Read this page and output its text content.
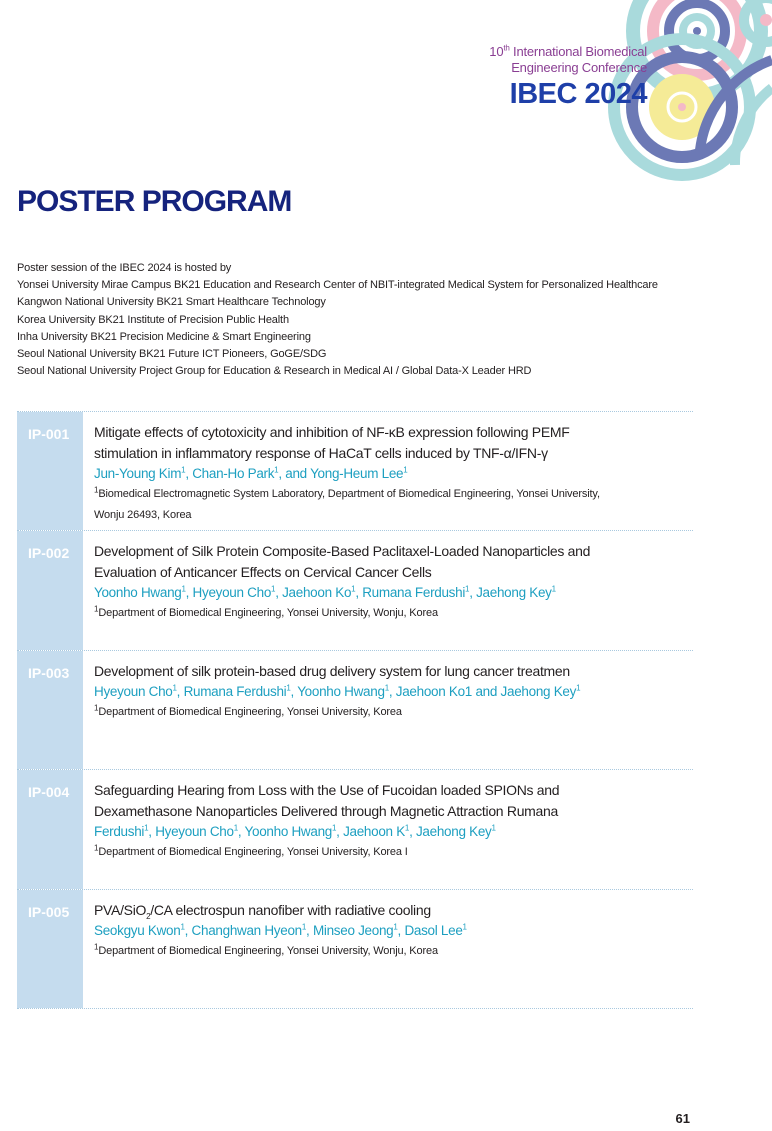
10th International Biomedical
Engineering Conference
IBEC 2024
POSTER PROGRAM
Poster session of the IBEC 2024 is hosted by
Yonsei University Mirae Campus BK21 Education and Research Center of NBIT-integrated Medical System for Personalized Healthcare
Kangwon National University BK21 Smart Healthcare Technology
Korea University BK21 Institute of Precision Public Health
Inha University BK21 Precision Medicine & Smart Engineering
Seoul National University BK21 Future ICT Pioneers, GoGE/SDG
Seoul National University Project Group for Education & Research in Medical AI / Global Data-X Leader HRD
IP-001	Mitigate effects of cytotoxicity and inhibition of NF-κB expression following PEMF
stimulation in inflammatory response of HaCaT cells induced by TNF-α/IFN-γ
Jun-Young Kim$^1$, Chan-Ho Park$^1$, and Yong-Heum Lee$^1$
$^1$Biomedical Electromagnetic System Laboratory, Department of Biomedical Engineering, Yonsei University,
Wonju 26493, Korea
IP-002	Development of Silk Protein Composite-Based Paclitaxel-Loaded Nanoparticles and
Evaluation of Anticancer Effects on Cervical Cancer Cells
Yoonho Hwang$^1$, Hyeyoun Cho$^1$, Jaehoon Ko$^1$, Rumana Ferdushi$^1$, Jaehong Key$^1$
$^1$Department of Biomedical Engineering, Yonsei University, Wonju, Korea
IP-003	Development of silk protein-based drug delivery system for lung cancer treatmen
Hyeyoun Cho$^1$, Rumana Ferdushi$^1$, Yoonho Hwang$^1$, Jaehoon Ko1 and Jaehong Key$^1$
$^1$Department of Biomedical Engineering, Yonsei University, Korea
IP-004	Safeguarding Hearing from Loss with the Use of Fucoidan loaded SPIONs and
Dexamethasone Nanoparticles Delivered through Magnetic Attraction Rumana
Ferdushi$^1$, Hyeyoun Cho$^1$, Yoonho Hwang$^1$, Jaehoon $K^1$, Jaehong Key$^1$
$^1$Department of Biomedical Engineering, Yonsei University, Korea I
IP-005	PVA/SiO$_2$/CA electrospun nanofiber with radiative cooling
Seokgyu Kwon$^1$, Changhwan Hyeon$^1$, Minseo Jeong$^1$, Dasol Lee$^1$
$^1$Department of Biomedical Engineering, Yonsei University, Wonju, Korea
61
